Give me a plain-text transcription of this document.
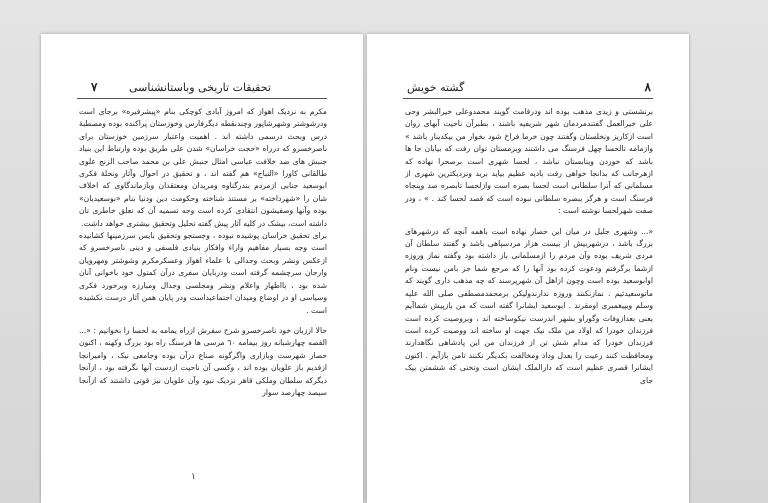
۷	تحقیقات تاریخی وباستانشناسی

مکرم به نزدیک اهواز که امروز آبادی کوچکی بنام «پیشرفیره» برجای است ودرشوشتر وشهرشاپور وچندنقطه دیگرفارس وخوزستان پراکنده بوده ومصطبۀ درس وبحث درسمی داشته اند . اهمیت واعتبار سرزمین خوزستان برای ناصرخسرو که درراه «حجت خراسان» شدن علی طریق بوده وارتباط این بنیاد جنبش های ضد خلافت عباسی امثال جنبش علی بن محمد صاحب الزنج علوی طالقانی کاورا «التباج» هم گفته اند ، و تحقیق در احوال وآثار ونحلۀ فکری ابوسعید جنابی ازمردم بندرگناوه ومریدان ومعتقدان وبازماندگاوی که اخلاف شان را «شهرداخته» بر مستند شناخته وحکومت دین ودنیا بنام «بوسعیدیان» بوده وآنها وصفیشون انتقادی کرده است وجه تسمیه آن که تعلق خاطری تان داشته است، بیشک در کلیه آثار پیش گفته تحلیل وتحقیق بیشتری خواهد داشت.

برای تحقیق خراسان پوشیده نبوده ، وجستجو وتحقیق بایس سرزمینها کشانیده است وجه بسیار مفاهیم واراء وافکار بنیادی فلسفی و دینی ناصرخسرو که ازعکس ونشر وبحث وجدالی با علماء اهواز وعسکرمکرم وشوشتر ومهرویان وارجان سرچشمه گرفته است ودربایان سفری درآن کمتول خود باخوانی آنان شده بود ، بااظهار واعلام ونشر ومجلسی وجدال ومبارزه وبرخورد فکری وسیاسی او در اوضاع ومیدان اجتماعیداست ودر پایان همن آثار درست نکشیده است .

حالا اززبان خود ناصرخسرو شرح سفرش ازراه یمامه به لحسا را بخوانیم : «... القصه چهارشبانه روز بیمامه ٦٠ مرسی ها فرسنگ راه بود بزرگ وکهنه ، اکنون حصار شهرست وبازاری واگرگونه صناع درآن بوده وجامعی نیک ، وامیرانجا ازقدیم باز علویان بوده اند ، وکسی آن ناحیت ازدست آنها نگرفته بود ، ازآنجا دیگرکه سلطان وملکی قاهر نزدیک نبود وآن علویان نیز قوتی داشتند که ازآنجا سیصد چهارصد سوار

۱
گشته خویش	۸

برنشستی و زیدی مذهب بوده اند ودرقامت گویند محمدوعلی خیرالبشر وحی علی خیرالعمل گفتندمردمان شهر شریفیه باشند ، بطبرآن ناحیت آبهای روان است ازکاریز ونخلستان وگفتند چون خرما فراخ شود بخوار من بیکدینار باشد » وازمامه تالحسا چهل فرسنگ می داشتند وبزمستان توان رفت که بیابان جا ها باشد که خوردن وینابستان نباشد ، لحسا شهری است برصحرا نهاده که ازهرجانب که بدانجا خواهی رفت بادیه عظیم بیاید برید ونزدیکترین شهری از مسلمانی که آنرا سلطانی است لحسا بصره است وازلحسا تابصره صد وپنجاه فرسنگ است و هرگز ببصره سلطانی نبوده است که قصد لحسا کند . » ، ودر صفت شهرلحسا نوشته است :

«... وشهری جلیل در میان این حصار نهاده است باهمه آنچه که درشهرهای بزرگ باشد ، درشهربیش از بیست هزار مردسپاهی باشد و گفتند سلطان آن مردی شریف بوده وآن مردم را ازمسلمانی باز داشته بود وگفته نماز وروزه ازشما برگرفتم ودعوت کرده بود آنها را که مرجع شما جز بامن نیست ونام اوابوسعید بوده است وچون ازاهل آن شهرپرسند که چه مذهب داری گویند که ماتوسعیدئیم . نمازنکنند وروزه ندارندولیکن برمحمدمصطفی صلی الله علیه وسلم وبپیغمبری اومقرند . ابوسعید ایشانرا گفته است که من بازپیش شماآیم یعنی بعدازوفات وگوراو بشهر اندرست نیکوساخته اند ، وبروصیت کرده است فرزندان خودرا که اولاد من ملک نیک جهت او ساخته اند ووصیت کرده است فرزندان خودرا که مدام شش تن از فرزندان من این پادشاهی نگاهدارند ومحافظت کنند رعیت را بعدل وداد ومخالفت بکدیگر نکنند تامن بازآیم . اکنون ایشانرا قصری عظیم است که دارالملک ایشان است وتختی که ششمتن بیک جای
